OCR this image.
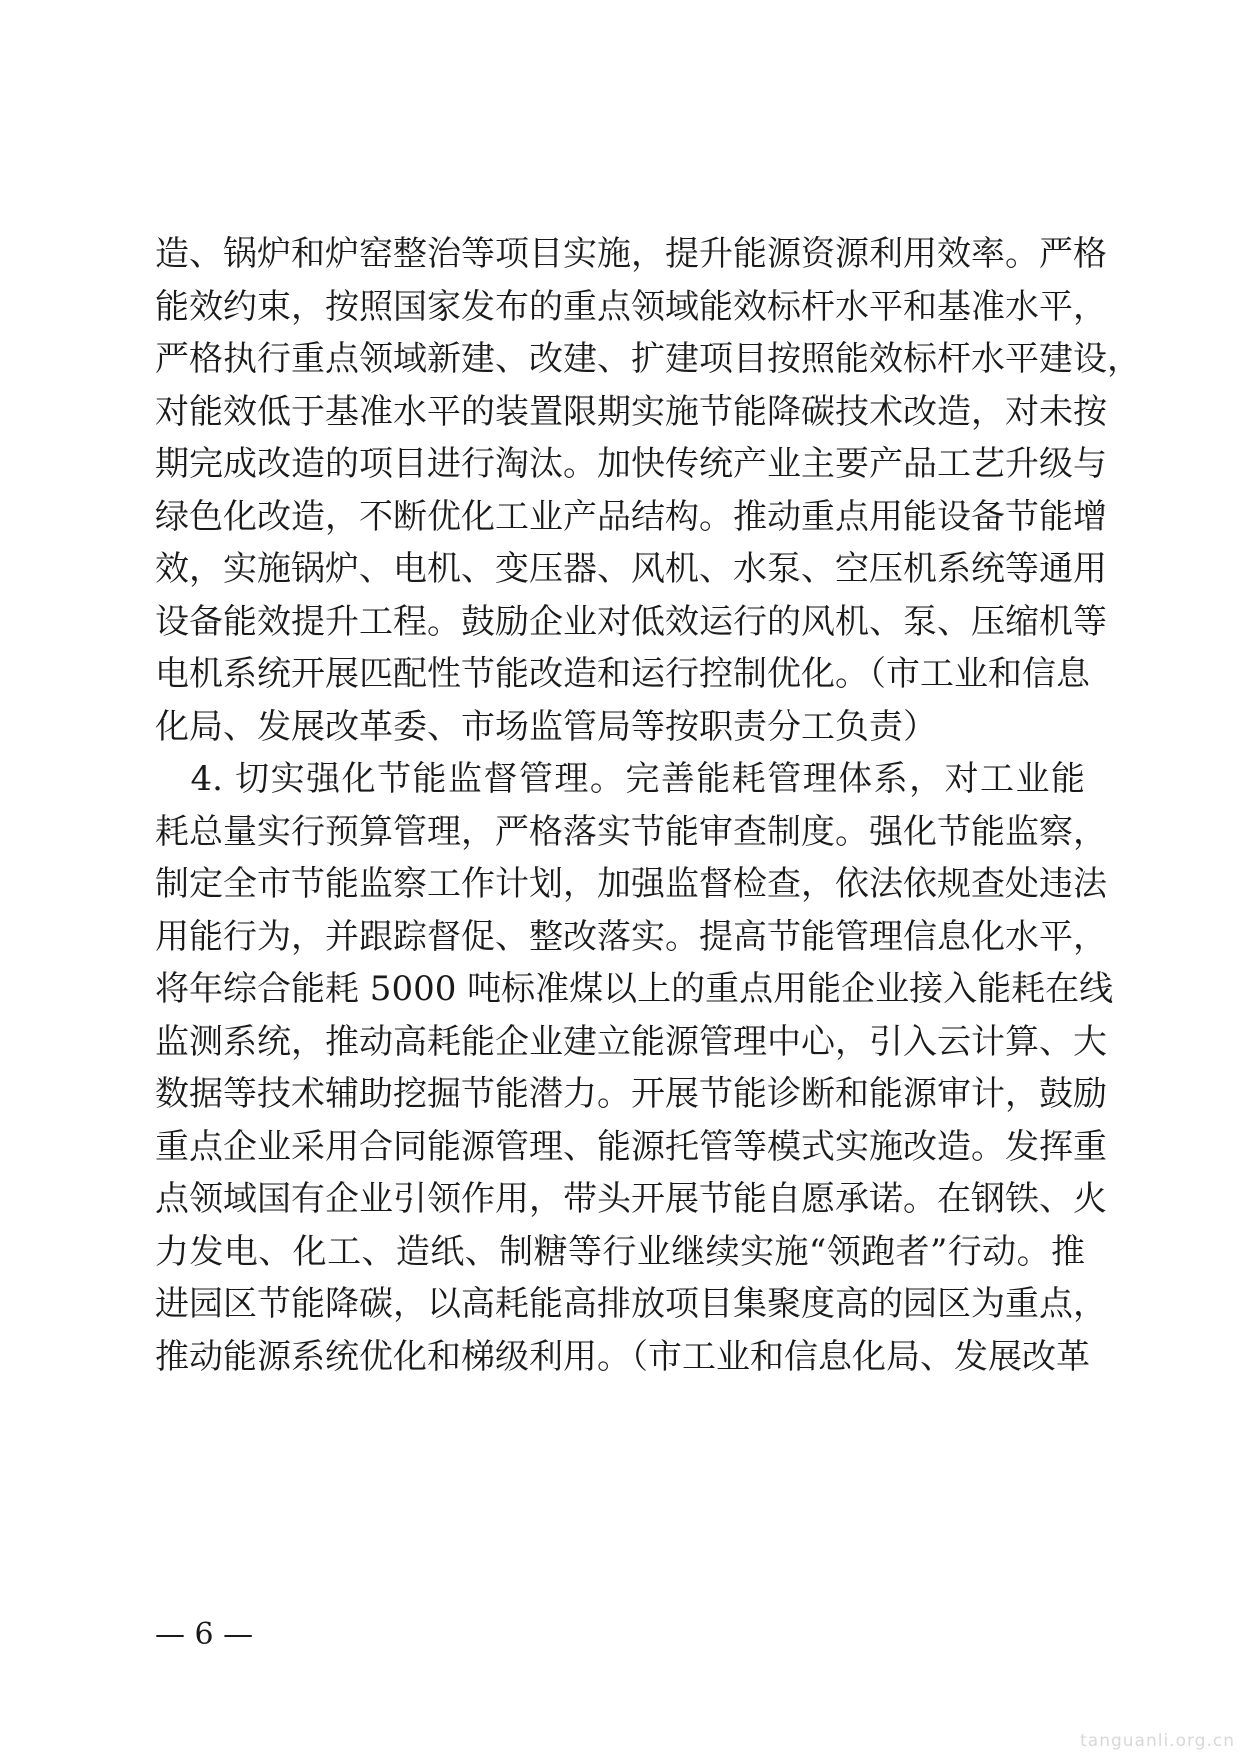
造、锅炉和炉窑整治等项目实施，提升能源资源利用效率。严格
能效约束，按照国家发布的重点领域能效标杆水平和基准水平，
严格执行重点领域新建、改建、扩建项目按照能效标杆水平建设，
对能效低于基准水平的装置限期实施节能降碳技术改造，对未按
期完成改造的项目进行淘汰。加快传统产业主要产品工艺升级与
绿色化改造，不断优化工业产品结构。推动重点用能设备节能增
效，实施锅炉、电机、变压器、风机、水泵、空压机系统等通用
设备能效提升工程。鼓励企业对低效运行的风机、泵、压缩机等
电机系统开展匹配性节能改造和运行控制优化。（市工业和信息
化局、发展改革委、市场监管局等按职责分工负责）
　4. 切实强化节能监督管理。完善能耗管理体系，对工业能
耗总量实行预算管理，严格落实节能审查制度。强化节能监察，
制定全市节能监察工作计划，加强监督检查，依法依规查处违法
用能行为，并跟踪督促、整改落实。提高节能管理信息化水平，
将年综合能耗 5000 吨标准煤以上的重点用能企业接入能耗在线
监测系统，推动高耗能企业建立能源管理中心，引入云计算、大
数据等技术辅助挖掘节能潜力。开展节能诊断和能源审计，鼓励
重点企业采用合同能源管理、能源托管等模式实施改造。发挥重
点领域国有企业引领作用，带头开展节能自愿承诺。在钢铁、火
力发电、化工、造纸、制糖等行业继续实施“领跑者”行动。推
进园区节能降碳，以高耗能高排放项目集聚度高的园区为重点，
推动能源系统优化和梯级利用。（市工业和信息化局、发展改革
— 6 —
tanguanli.org.cn
